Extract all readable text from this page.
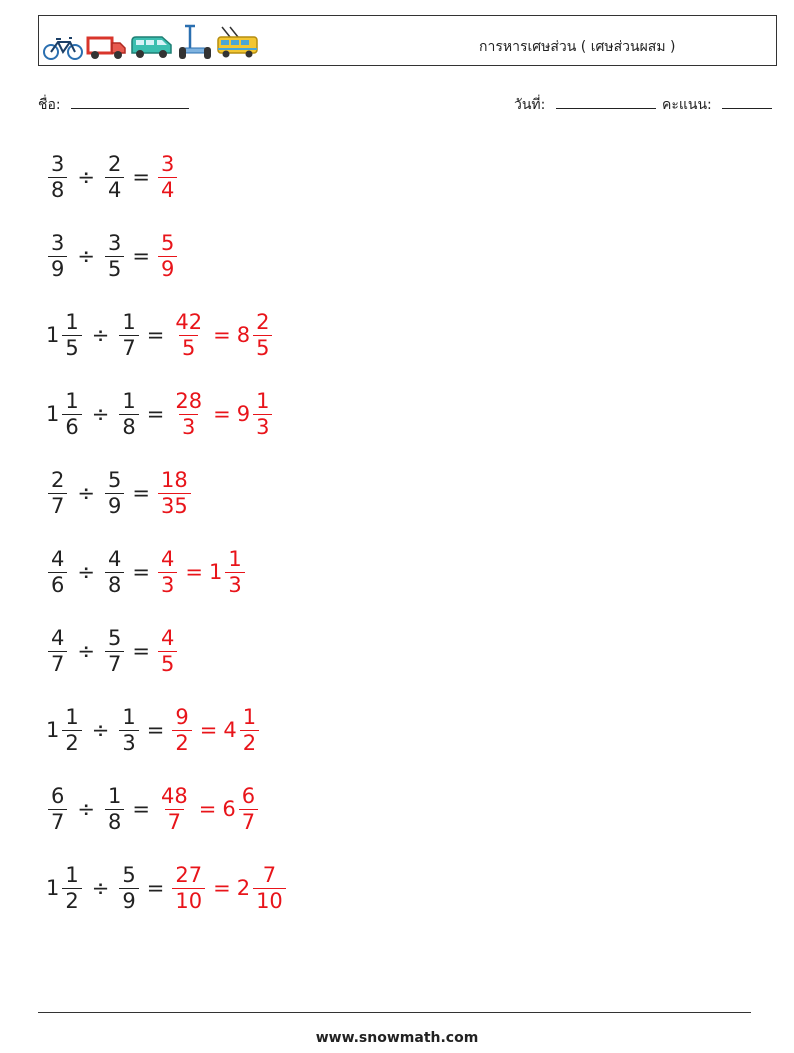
การหารเศษส่วน ( เศษส่วนผสม )
ชื่อ:	วันที่:	คะแนน:
$\frac{3}{8} \div \frac{2}{4} = \frac{3}{4}$
$\frac{3}{9} \div \frac{3}{5} = \frac{5}{9}$
$1 \frac{1}{5} \div \frac{1}{7} = \frac{42}{5} = 8 \frac{2}{5}$
$1 \frac{1}{6} \div \frac{1}{8} = \frac{28}{3} = 9 \frac{1}{3}$
$\frac{2}{7} \div \frac{5}{9} = \frac{18}{35}$
$\frac{4}{6} \div \frac{4}{8} = \frac{4}{3} = 1 \frac{1}{3}$
$\frac{4}{7} \div \frac{5}{7} = \frac{4}{5}$
$1 \frac{1}{2} \div \frac{1}{3} = \frac{9}{2} = 4 \frac{1}{2}$
$\frac{6}{7} \div \frac{1}{8} = \frac{48}{7} = 6 \frac{6}{7}$
$1 \frac{1}{2} \div \frac{5}{9} = \frac{27}{10} = 2 \frac{7}{10}$
www.snowmath.com
